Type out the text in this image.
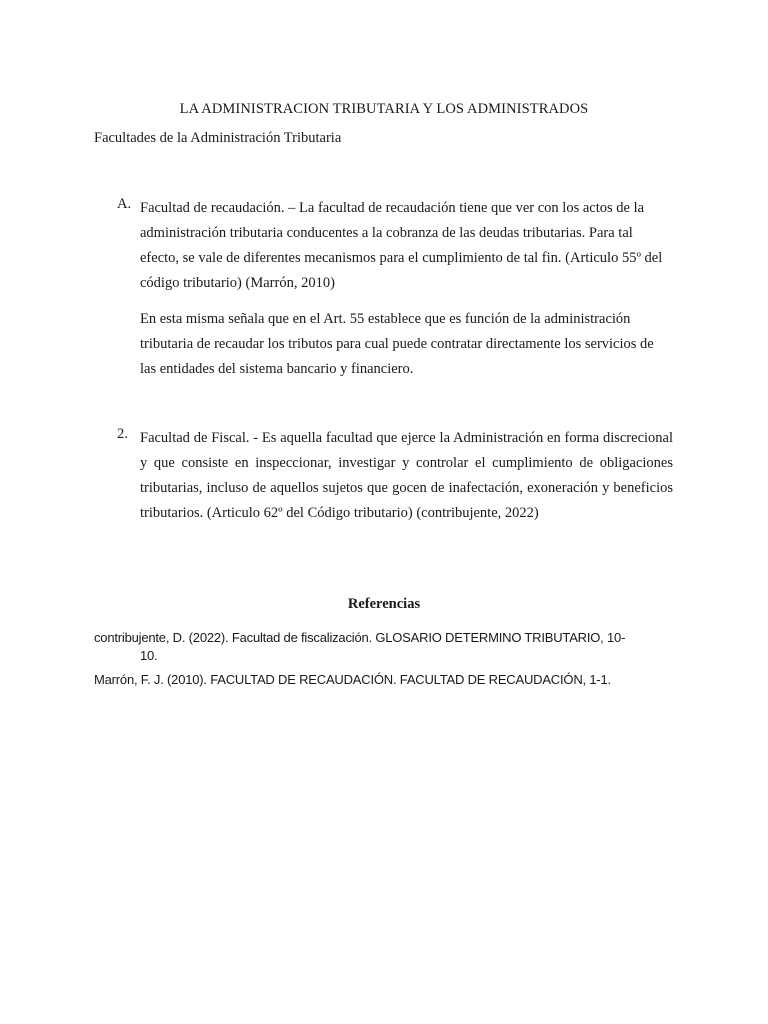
LA ADMINISTRACION TRIBUTARIA Y LOS ADMINISTRADOS
Facultades de la Administración Tributaria
A. Facultad de recaudación. – La facultad de recaudación tiene que ver con los actos de la administración tributaria conducentes a la cobranza de las deudas tributarias. Para tal efecto, se vale de diferentes mecanismos para el cumplimiento de tal fin. (Articulo 55º del código tributario) (Marrón, 2010)
En esta misma señala que en el Art. 55 establece que es función de la administración tributaria de recaudar los tributos para cual puede contratar directamente los servicios de las entidades del sistema bancario y financiero.
2. Facultad de Fiscal. - Es aquella facultad que ejerce la Administración en forma discrecional y que consiste en inspeccionar, investigar y controlar el cumplimiento de obligaciones tributarias, incluso de aquellos sujetos que gocen de inafectación, exoneración y beneficios tributarios. (Articulo 62º del Código tributario) (contribujente, 2022)
Referencias
contribujente, D. (2022). Facultad de fiscalización. GLOSARIO DETERMINO TRIBUTARIO, 10-
10.
Marrón, F. J. (2010). FACULTAD DE RECAUDACIÓN. FACULTAD DE RECAUDACIÓN, 1-1.
